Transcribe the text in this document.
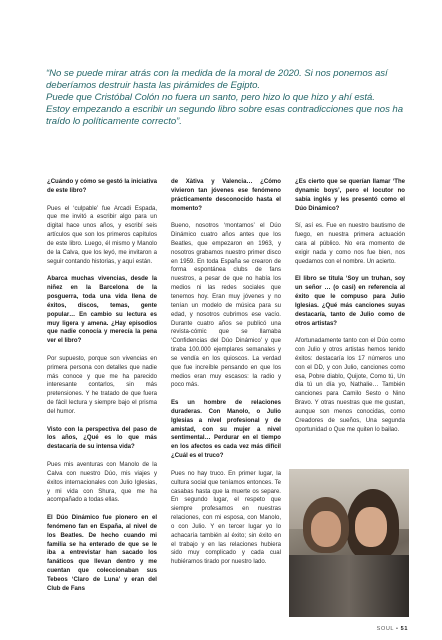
“No se puede mirar atrás con la medida de la moral de 2020. Si nos ponemos así deberíamos destruir hasta las pirámides de Egipto.

Puede que Cristóbal Colón no fuera un santo, pero hizo lo que hizo y ahí está.

Estoy empezando a escribir un segundo libro sobre esas contradicciones que nos ha traído lo políticamente correcto”.

¿Cuándo y cómo se gestó la iniciativa de este libro?

Pues el ‘culpable’ fue Arcadi Espada, que me invitó a escribir algo para un digital hace unos años, y escribí seis artículos que son los primeros capítulos de este libro. Luego, él mismo y Manolo de la Calva, que los leyó, me invitaron a seguir contando historias, y aquí están.

Abarca muchas vivencias, desde la niñez en la Barcelona de la posguerra, toda una vida llena de éxitos, discos, temas, gente popular… En cambio su lectura es muy ligera y amena. ¿Hay episodios que nadie conocía y merecía la pena ver el libro?

Por supuesto, porque son vivencias en primera persona con detalles que nadie más conoce y que me ha parecido interesante contarlos, sin más pretensiones. Y he tratado de que fuera de fácil lectura y siempre bajo el prisma del humor.

Visto con la perspectiva del paso de los años, ¿Qué es lo que más destacaría de su intensa vida?

Pues mis aventuras con Manolo de la Calva con nuestro Dúo, mis viajes y éxitos internacionales con Julio Iglesias, y mi vida con Shura, que me ha acompañado a todas ellas.

El Dúo Dinámico fue pionero en el fenómeno fan en España, al nivel de los Beatles. De hecho cuando mi familia se ha enterado de que se le iba a entrevistar han sacado los fanáticos que llevan dentro y me cuentan que coleccionaban sus Tebeos ‘Claro de Luna’ y eran del Club de Fans

de Xàtiva y Valencia… ¿Cómo vivieron tan jóvenes ese fenómeno prácticamente desconocido hasta el momento?

Bueno, nosotros ‘montamos’ el Dúo Dinámico cuatro años antes que los Beatles, que empezaron en 1963, y nosotros grabamos nuestro primer disco en 1959. En toda España se crearon de forma espontánea clubs de fans nuestros, a pesar de que no había los medios ni las redes sociales que tenemos hoy. Eran muy jóvenes y no tenían un modelo de música para su edad, y nosotros cubrimos ese vacío. Durante cuatro años se publicó una revista-cómic que se llamaba ‘Confidencias del Dúo Dinámico’ y que tiraba 100.000 ejemplares semanales y se vendía en los quioscos. La verdad que fue increíble pensando en que los medios eran muy escasos: la radio y poco más.

Es un hombre de relaciones duraderas. Con Manolo, o Julio Iglesias a nivel profesional y de amistad, con su mujer a nivel sentimental… Perdurar en el tiempo en los afectos es cada vez más difícil ¿Cuál es el truco?

Pues no hay truco. En primer lugar, la cultura social que teníamos entonces. Te casabas hasta que la muerte os separe. En segundo lugar, el respeto que siempre profesamos en nuestras relaciones, con mi esposa, con Manolo, o con Julio. Y en tercer lugar yo lo achacaría también al éxito; sin éxito en el trabajo y en las relaciones hubiera sido muy complicado y cada cual hubiéramos tirado por nuestro lado.

¿Es cierto que se querían llamar ‘The dynamic boys’, pero el locutor no sabía inglés y les presentó como el Dúo Dinámico?

Sí, así es. Fue en nuestro bautismo de fuego, en nuestra primera actuación cara al público. No era momento de exigir nada y como nos fue bien, nos quedamos con el nombre. Un acierto.

El libro se titula ‘Soy un truhan, soy un señor … (o casi) en referencia al éxito que le compuso para Julio Iglesias. ¿Qué más canciones suyas destacaría, tanto de Julio como de otros artistas?

Afortunadamente tanto con el Dúo como con Julio y otros artistas hemos tenido éxitos: destacaría los 17 números uno con el DD, y con Julio, canciones como esa, Pobre diablo, Quijote, Como tú, Un día tú un día yo, Nathalie… También canciones para Camilo Sesto o Nino Bravo. Y otras nuestras que me gustan, aunque son menos conocidas, como Creadores de sueños, Una segunda oportunidad o Que me quiten lo bailao.

SOUL • 51
